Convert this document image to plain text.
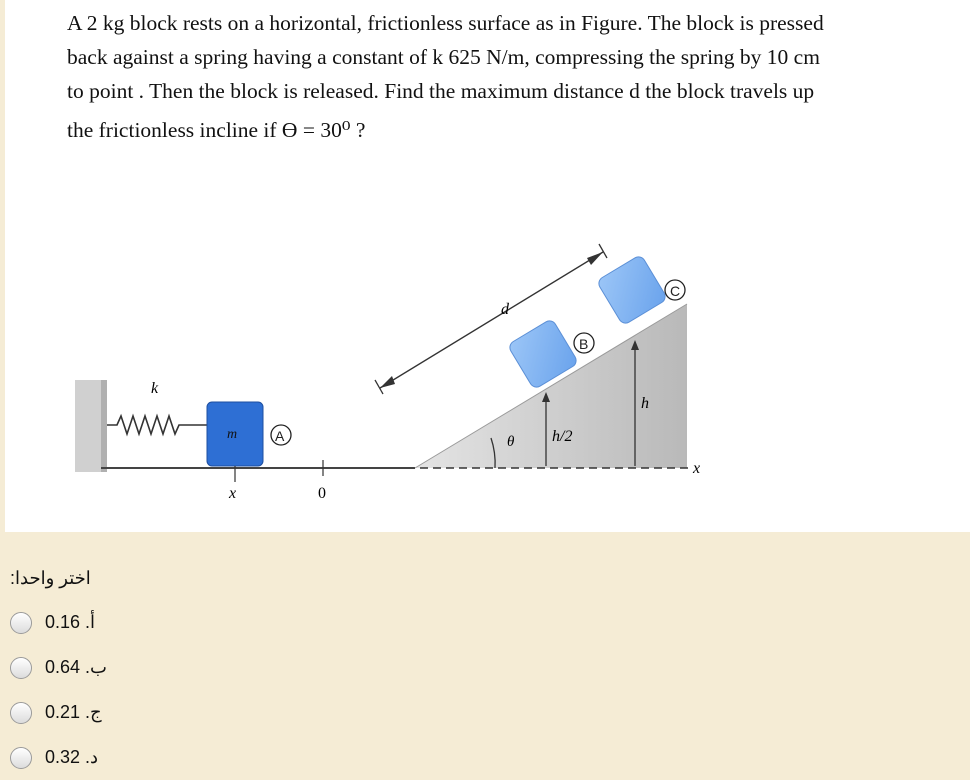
A 2 kg block rests on a horizontal, frictionless surface as in Figure. The block is pressed

back against a spring having a constant of k 625 N/m, compressing the spring by 10 cm

to point . Then the block is released. Find the maximum distance d the block travels up

the frictionless incline if ϴ = 30⁰ ?

k
m	A
x	0
x
θ h/2
h
B
C
d
اختر واحدا:
أ. 0.16
ب. 0.64
ج. 0.21
د. 0.32
